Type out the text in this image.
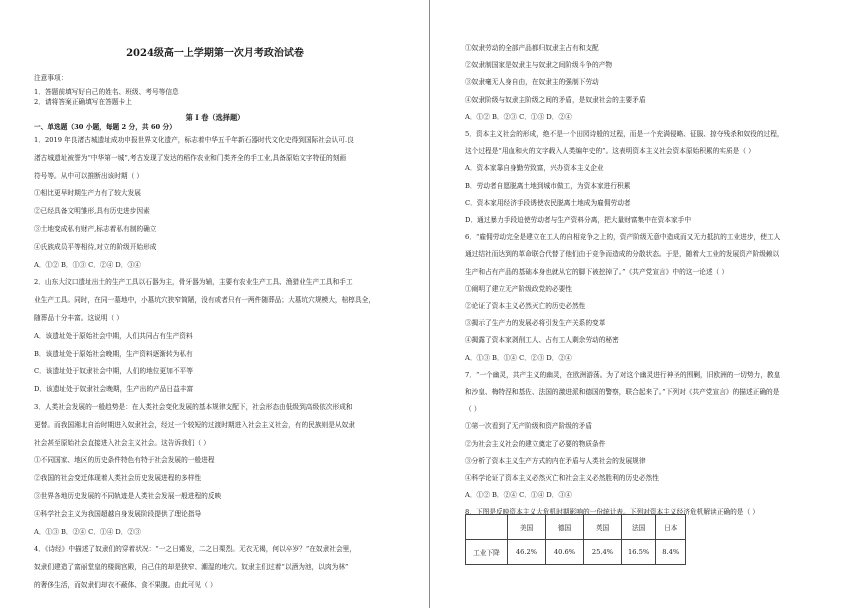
2024级高一上学期第一次月考政治试卷
注意事项：
1．答题前填写好自己的姓名、班级、考号等信息
2．请将答案正确填写在答题卡上
第 I 卷（选择题）
一、单选题（30 小题，每题 2 分，共 60 分）
1．2019 年良渚古城遗址成功申报世界文化遗产，标志着中华五千年新石器时代文化史得到国际社会认可.良
渚古城遗址被誉为“中华第一城”,考古发现了发达的稻作农业和门类齐全的手工业,具备原始文字特征的刻画
符号等。从中可以推断出该时期（ ）
①相比更早时期生产力有了较大发展
②已经具备文明雏形,具有历史进步因素
③土地变成私有财产,标志着私有制的确立
④氏族成员平等相待,对立的阶级开始形成
A．①② B．①③ C．②④ D．③④
2．山东大汶口遗址出土的生产工具以石器为主，骨牙器为辅，主要有农业生产工具、渔猎业生产工具和手工
业生产工具。同时，在同一墓地中，小墓坑穴狭窄简陋，没有或者只有一两件随葬品；大墓坑穴规模大，棺椁具全，
随葬品十分丰富。这说明（ ）
A．该遗址处于原始社会中期，人们共同占有生产资料
B．该遗址处于原始社会晚期，生产资料逐渐转为私有
C．该遗址处于奴隶社会中期，人们的地位更加不平等
D．该遗址处于奴隶社会晚期，生产出的产品日益丰富
3．人类社会发展的一般趋势是：在人类社会变化发展的基本规律支配下，社会形态由低级到高级依次形成和
更替。而我国湘北自治时期进入奴隶社会，经过一个较短的过渡时期进入社会主义社会，有的民族则是从奴隶
社会甚至原始社会直接进入社会主义社会。这告诉我们（ ）
①不同国家、地区的历史条件特色有特于社会发展的一般进程
②我国的社会变迁体现着人类社会历史发展进程的多样性
③世界各地历史发展的不同轨迹是人类社会发展一般进程的反映
④科学社会主义为我国超越自身发展阶段提供了理论指导
A．①③ B．②④ C．①④ D．②③
4．《诗经》中描述了奴隶们的穿着状况：“一之日觱发，二之日栗烈。无衣无褐，何以卒岁？”在奴隶社会里，
奴隶们建造了富丽堂皇的楼阁宫殿，自己住的却是狭窄、潮湿的地穴。奴隶主们过着“以酒为池，以肉为林”
的奢侈生活，而奴隶们却衣不蔽体、食不果腹。由此可见（ ）
①奴隶劳动的全部产品都归奴隶主占有和支配
②奴隶制国家是奴隶主与奴隶之间阶级斗争的产物
③奴隶毫无人身自由，在奴隶主的强制下劳动
④奴隶阶级与奴隶主阶级之间的矛盾，是奴隶社会的主要矛盾
A．①② B．②③ C．①③ D．②④
5．资本主义社会的形成，绝不是一个田园诗般的过程，而是一个充满侵略、征服、掠夺残杀和奴役的过程，
这个过程是“用血和火的文字载入人类编年史的”。这表明资本主义社会资本原始积累的实质是（ ）
A．资本家靠自身勤劳致富，兴办资本主义企业
B．劳动者自愿脱离土地到城市做工，为资本家进行积累
C．资本家用经济手段诱使农民脱离土地成为雇佣劳动者
D．通过暴力手段迫使劳动者与生产资料分离，把大量财富集中在资本家手中
6．“雇佣劳动完全是建立在工人的自相竞争之上的，资产阶级无意中造成而又无力抵抗的工业进步，使工人
通过结社而达到的革命联合代替了他们由于竞争而造成的分散状态。于是，随着大工业的发展资产阶级赖以
生产和占有产品的基础本身也就从它的脚下被挖掉了。”《共产党宣言》中的这一论述（ ）
①阐明了建立无产阶级政党的必要性
②论证了资本主义必然灭亡的历史必然性
③揭示了生产力的发展必将引发生产关系的变革
④揭露了资本家剥削工人、占有工人剩余劳动的秘密
A．①③ B．①④ C．②③ D．②④
7．“一个幽灵，共产主义的幽灵，在欧洲游荡。为了对这个幽灵进行神圣的围剿，旧欧洲的一切势力，教皇
和沙皇、梅特涅和基佐、法国的激进派和德国的警察，联合起来了。”下列对《共产党宣言》的描述正确的是
（ ）
①第一次看到了无产阶级和资产阶级的矛盾
②为社会主义社会的建立奠定了必要的物质条件
③分析了资本主义生产方式的内在矛盾与人类社会的发展规律
④科学论证了资本主义必然灭亡和社会主义必然胜利的历史必然性
A．①② B．②④ C．①④ D．③④
8．下图是反映资本主义大危机时期影响的一份统计表。下列对资本主义经济危机解读正确的是（ ）
	美国	德国	英国	法国	日本
工业下降	46.2%	40.6%	25.4%	16.5%	8.4%
